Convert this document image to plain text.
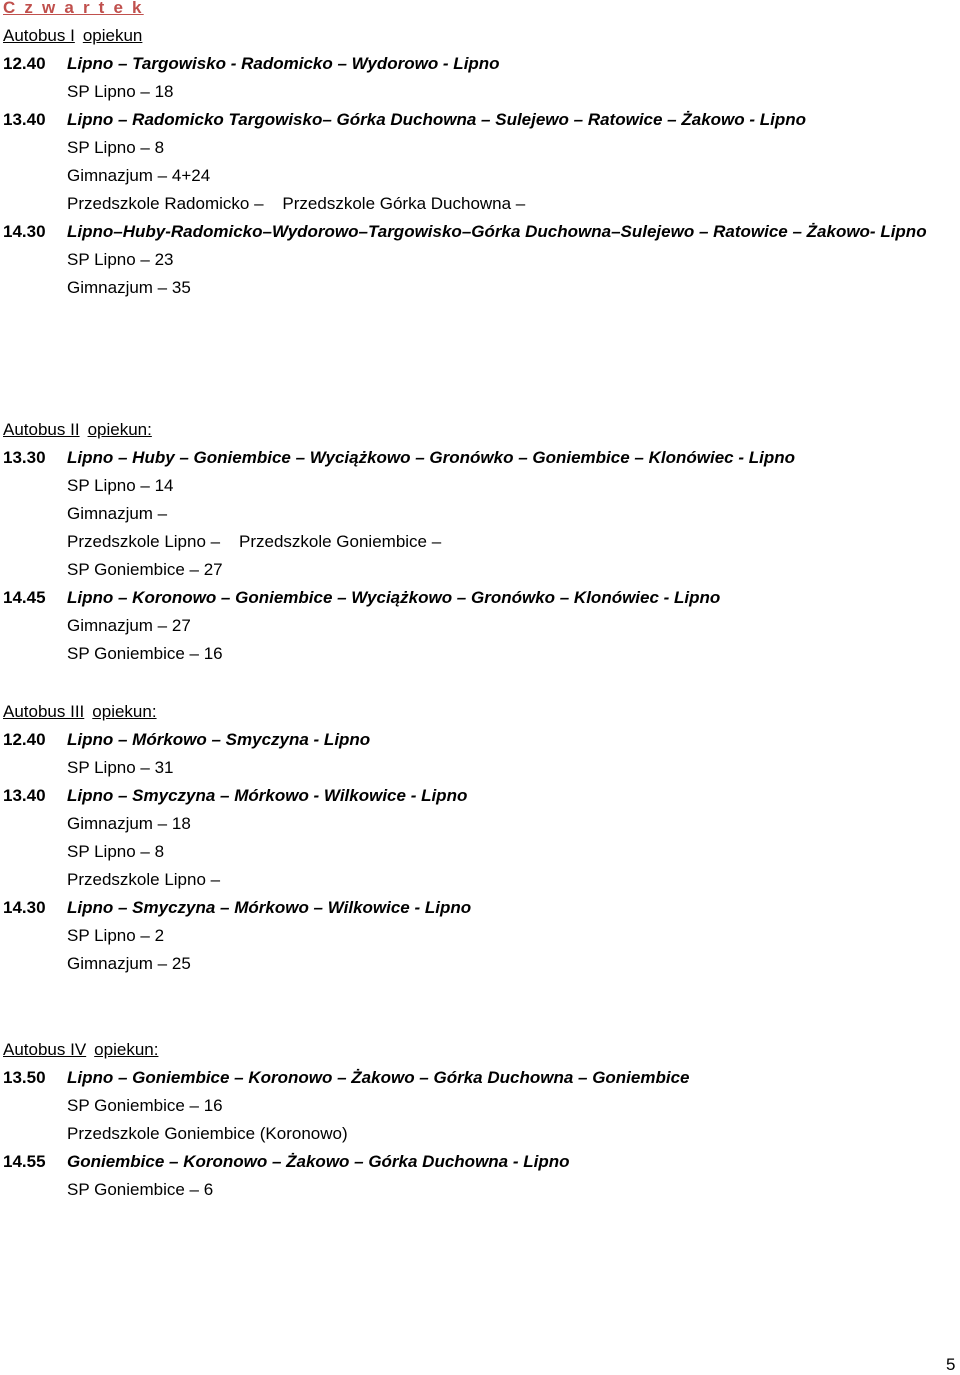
C z w a r t e k
Autobus I opiekun
12.40 Lipno – Targowisko - Radomicko – Wydorowo - Lipno
SP Lipno – 18
13.40 Lipno – Radomicko Targowisko– Górka Duchowna – Sulejewo – Ratowice – Żakowo - Lipno
SP Lipno – 8
Gimnazjum – 4+24
Przedszkole Radomicko –    Przedszkole Górka Duchowna –
14.30 Lipno–Huby-Radomicko–Wydorowo–Targowisko–Górka Duchowna–Sulejewo – Ratowice – Żakowo- Lipno
SP Lipno – 23
Gimnazjum – 35
Autobus II opiekun:
13.30 Lipno – Huby – Goniembice – Wyciążkowo – Gronówko – Goniembice – Klonówiec - Lipno
SP Lipno – 14
Gimnazjum –
Przedszkole Lipno –    Przedszkole Goniembice –
SP Goniembice – 27
14.45 Lipno – Koronowo – Goniembice – Wyciążkowo – Gronówko – Klonówiec - Lipno
Gimnazjum – 27
SP Goniembice – 16
Autobus III opiekun:
12.40 Lipno – Mórkowo – Smyczyna - Lipno
SP Lipno – 31
13.40 Lipno – Smyczyna – Mórkowo - Wilkowice - Lipno
Gimnazjum – 18
SP Lipno – 8
Przedszkole Lipno –
14.30 Lipno – Smyczyna – Mórkowo – Wilkowice - Lipno
SP Lipno – 2
Gimnazjum – 25
Autobus IV opiekun:
13.50 Lipno – Goniembice – Koronowo – Żakowo – Górka Duchowna – Goniembice
SP Goniembice – 16
Przedszkole Goniembice (Koronowo)
14.55 Goniembice – Koronowo – Żakowo – Górka Duchowna - Lipno
SP Goniembice – 6
5
